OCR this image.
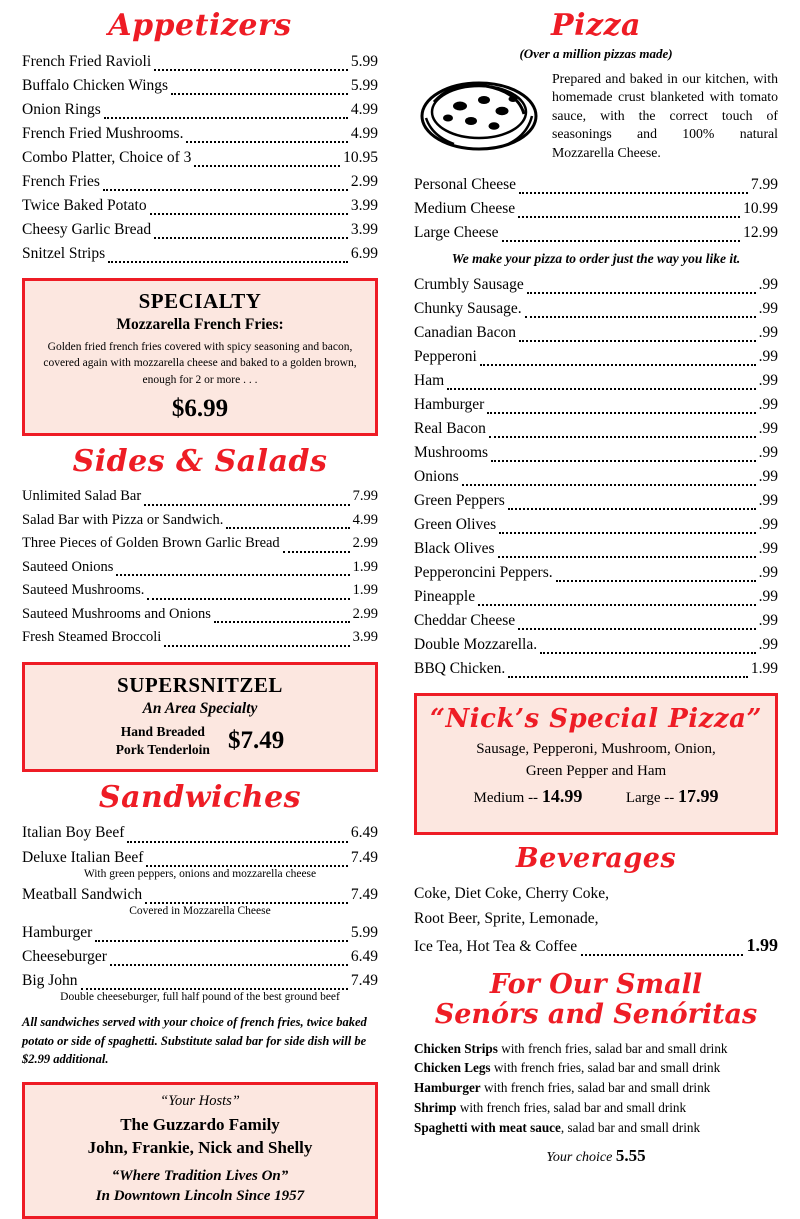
Appetizers
French Fried Ravioli	5.99
Buffalo Chicken Wings	5.99
Onion Rings	4.99
French Fried Mushrooms.	4.99
Combo Platter, Choice of 3	10.95
French Fries	2.99
Twice Baked Potato	3.99
Cheesy Garlic Bread	3.99
Snitzel Strips	6.99
SPECIALTY
Mozzarella French Fries:

Golden fried french fries covered with spicy seasoning and bacon, covered again with mozzarella cheese and baked to a golden brown, enough for 2 or more . . .

$6.99

Sides & Salads
Unlimited Salad Bar	7.99
Salad Bar with Pizza or Sandwich.	4.99
Three Pieces of Golden Brown Garlic Bread	2.99
Sauteed Onions	1.99
Sauteed Mushrooms.	1.99
Sauteed Mushrooms and Onions	2.99
Fresh Steamed Broccoli	3.99
SUPERSNITZEL
An Area Specialty
Hand Breaded
Pork Tenderloin $7.49
Sandwiches
Italian Boy Beef	6.49
Deluxe Italian Beef	7.49
With green peppers, onions and mozzarella cheese
Meatball Sandwich	7.49
Covered in Mozzarella Cheese
Hamburger	5.99
Cheeseburger	6.49
Big John	7.49
Double cheeseburger, full half pound of the best ground beef

All sandwiches served with your choice of french fries, twice baked potato or side of spaghetti. Substitute salad bar for side dish will be $2.99 additional.

“Your Hosts”

The Guzzardo Family

John, Frankie, Nick and Shelly

“Where Tradition Lives On”

In Downtown Lincoln Since 1957

Pizza
(Over a million pizzas made)
Prepared and baked in our kitchen, with homemade crust blanketed with tomato sauce, with the correct touch of seasonings and 100% natural Mozzarella Cheese.
Personal Cheese	7.99
Medium Cheese	10.99
Large Cheese	12.99
We make your pizza to order just the way you like it.
Crumbly Sausage	.99
Chunky Sausage.	.99
Canadian Bacon	.99
Pepperoni	.99
Ham	.99
Hamburger	.99
Real Bacon	.99
Mushrooms	.99
Onions	.99
Green Peppers	.99
Green Olives	.99
Black Olives	.99
Pepperoncini Peppers.	.99
Pineapple	.99
Cheddar Cheese	.99
Double Mozzarella.	.99
BBQ Chicken.	1.99
“Nick’s Special Pizza”

Sausage, Pepperoni, Mushroom, Onion,

Green Pepper and Ham

Medium -- 14.99	Large -- 17.99

Beverages
Coke, Diet Coke, Cherry Coke,
Root Beer, Sprite, Lemonade,
Ice Tea, Hot Tea & Coffee	1.99
For Our Small
Senórs and Senóritas
Chicken Strips with french fries, salad bar and small drink
Chicken Legs with french fries, salad bar and small drink
Hamburger with french fries, salad bar and small drink
Shrimp with french fries, salad bar and small drink
Spaghetti with meat sauce, salad bar and small drink
Your choice 5.55
